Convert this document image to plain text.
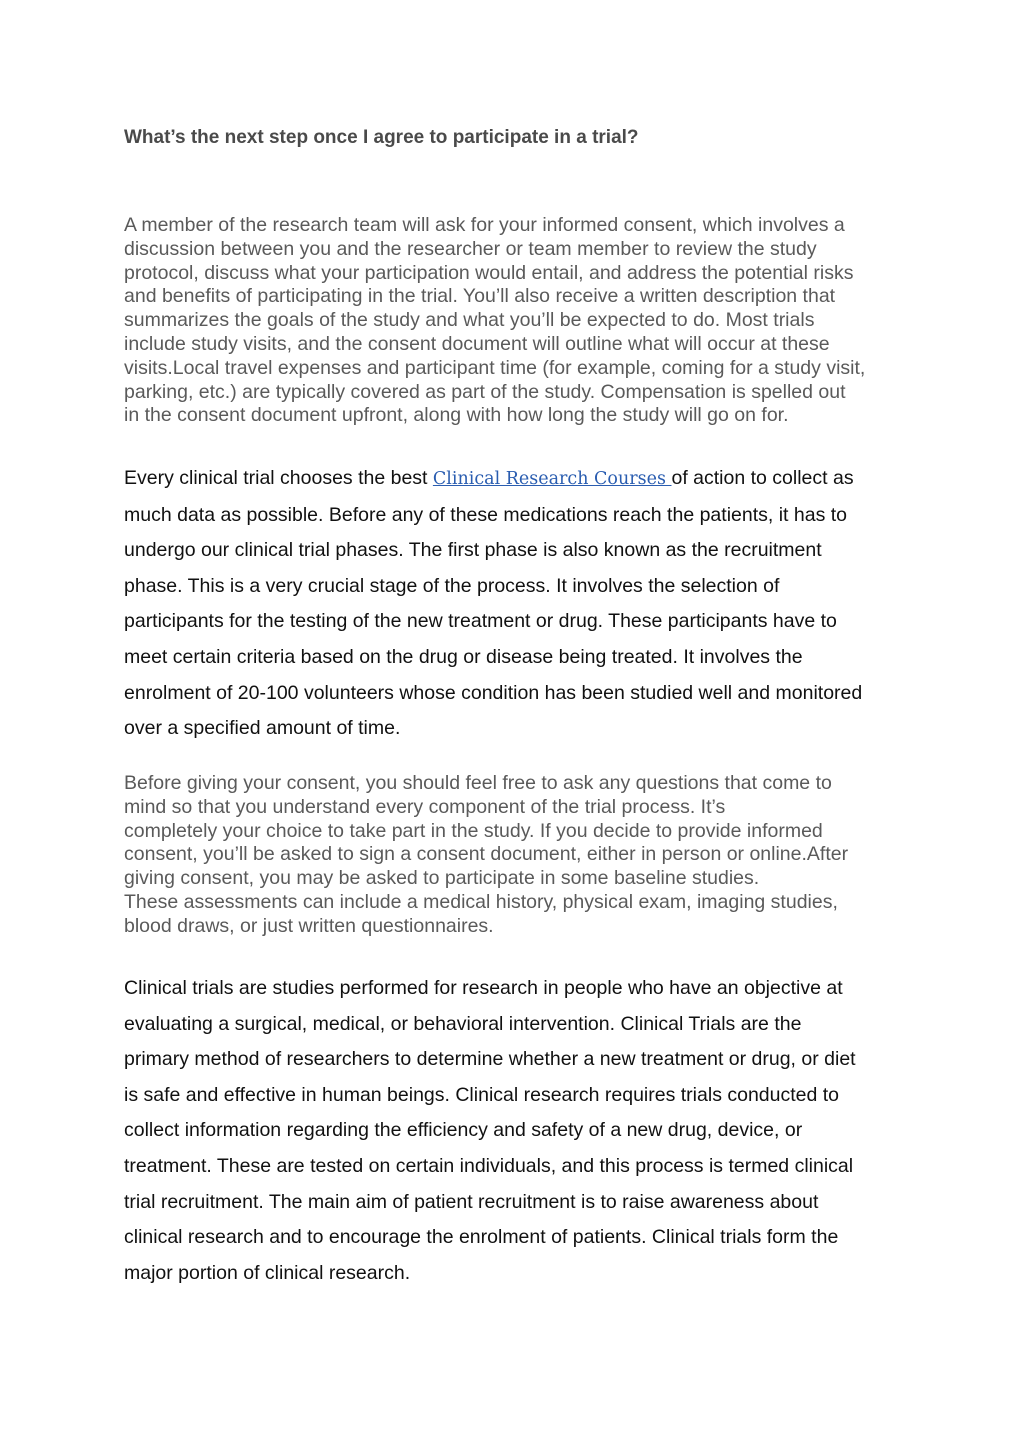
What’s the next step once I agree to participate in a trial?

A member of the research team will ask for your informed consent, which involves a
discussion between you and the researcher or team member to review the study
protocol, discuss what your participation would entail, and address the potential risks
and benefits of participating in the trial. You’ll also receive a written description that
summarizes the goals of the study and what you’ll be expected to do. Most trials
include study visits, and the consent document will outline what will occur at these
visits.Local travel expenses and participant time (for example, coming for a study visit,
parking, etc.) are typically covered as part of the study. Compensation is spelled out
in the consent document upfront, along with how long the study will go on for.

Every clinical trial chooses the best Clinical Research Courses of action to collect as
much data as possible. Before any of these medications reach the patients, it has to
undergo our clinical trial phases. The first phase is also known as the recruitment
phase. This is a very crucial stage of the process. It involves the selection of
participants for the testing of the new treatment or drug. These participants have to
meet certain criteria based on the drug or disease being treated. It involves the
enrolment of 20-100 volunteers whose condition has been studied well and monitored
over a specified amount of time.

Before giving your consent, you should feel free to ask any questions that come to
mind so that you understand every component of the trial process. It’s
completely your choice to take part in the study. If you decide to provide informed
consent, you’ll be asked to sign a consent document, either in person or online.After
giving consent, you may be asked to participate in some baseline studies.
These assessments can include a medical history, physical exam, imaging studies,
blood draws, or just written questionnaires.

Clinical trials are studies performed for research in people who have an objective at
evaluating a surgical, medical, or behavioral intervention. Clinical Trials are the
primary method of researchers to determine whether a new treatment or drug, or diet
is safe and effective in human beings. Clinical research requires trials conducted to
collect information regarding the efficiency and safety of a new drug, device, or
treatment. These are tested on certain individuals, and this process is termed clinical
trial recruitment. The main aim of patient recruitment is to raise awareness about
clinical research and to encourage the enrolment of patients. Clinical trials form the
major portion of clinical research.
